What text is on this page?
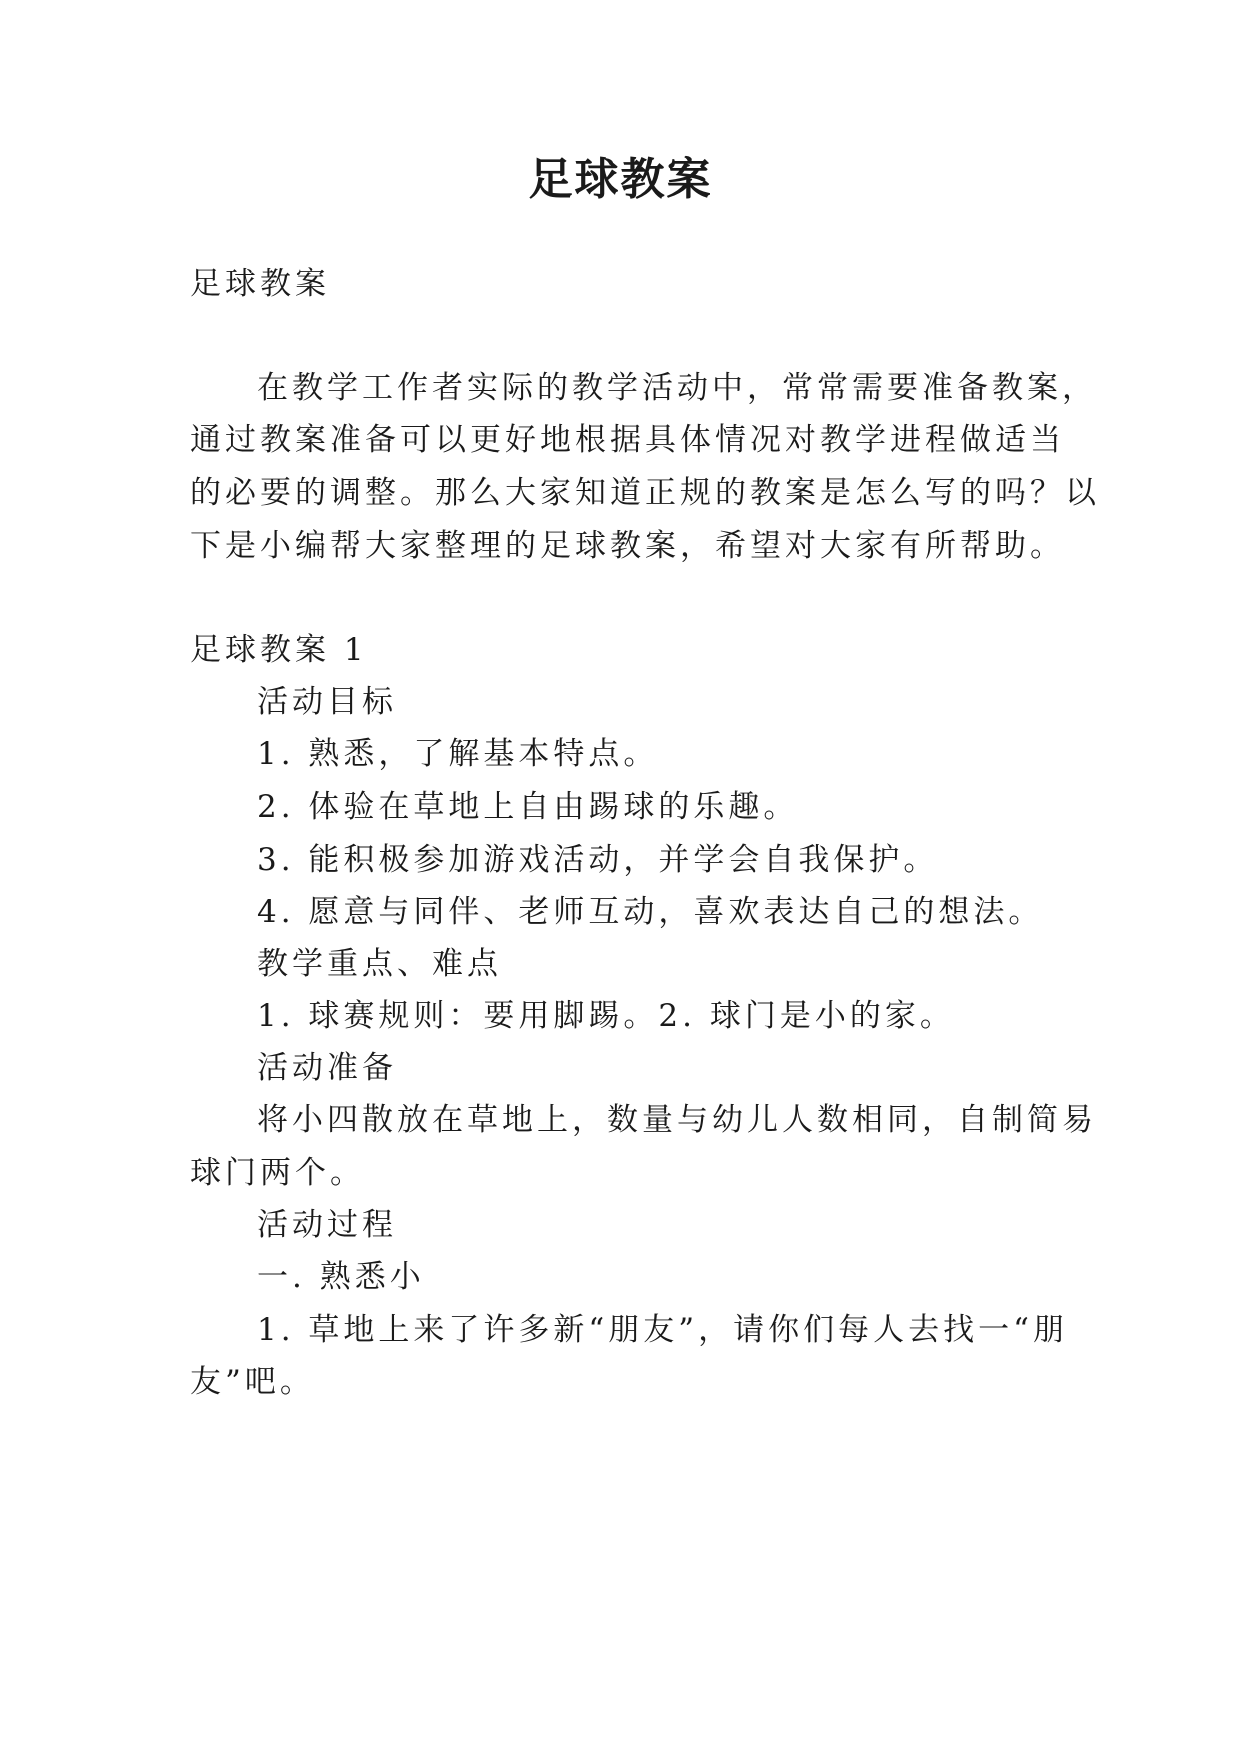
足球教案

足球教案

在教学工作者实际的教学活动中，常常需要准备教案，

通过教案准备可以更好地根据具体情况对教学进程做适当

的必要的调整。那么大家知道正规的教案是怎么写的吗？以

下是小编帮大家整理的足球教案，希望对大家有所帮助。

足球教案 1

活动目标

1. 熟悉，了解基本特点。

2. 体验在草地上自由踢球的乐趣。

3. 能积极参加游戏活动，并学会自我保护。

4. 愿意与同伴、老师互动，喜欢表达自己的想法。

教学重点、难点

1. 球赛规则：要用脚踢。2. 球门是小的家。

活动准备

将小四散放在草地上，数量与幼儿人数相同，自制简易

球门两个。

活动过程

一. 熟悉小

1. 草地上来了许多新“朋友”，请你们每人去找一“朋

友”吧。
